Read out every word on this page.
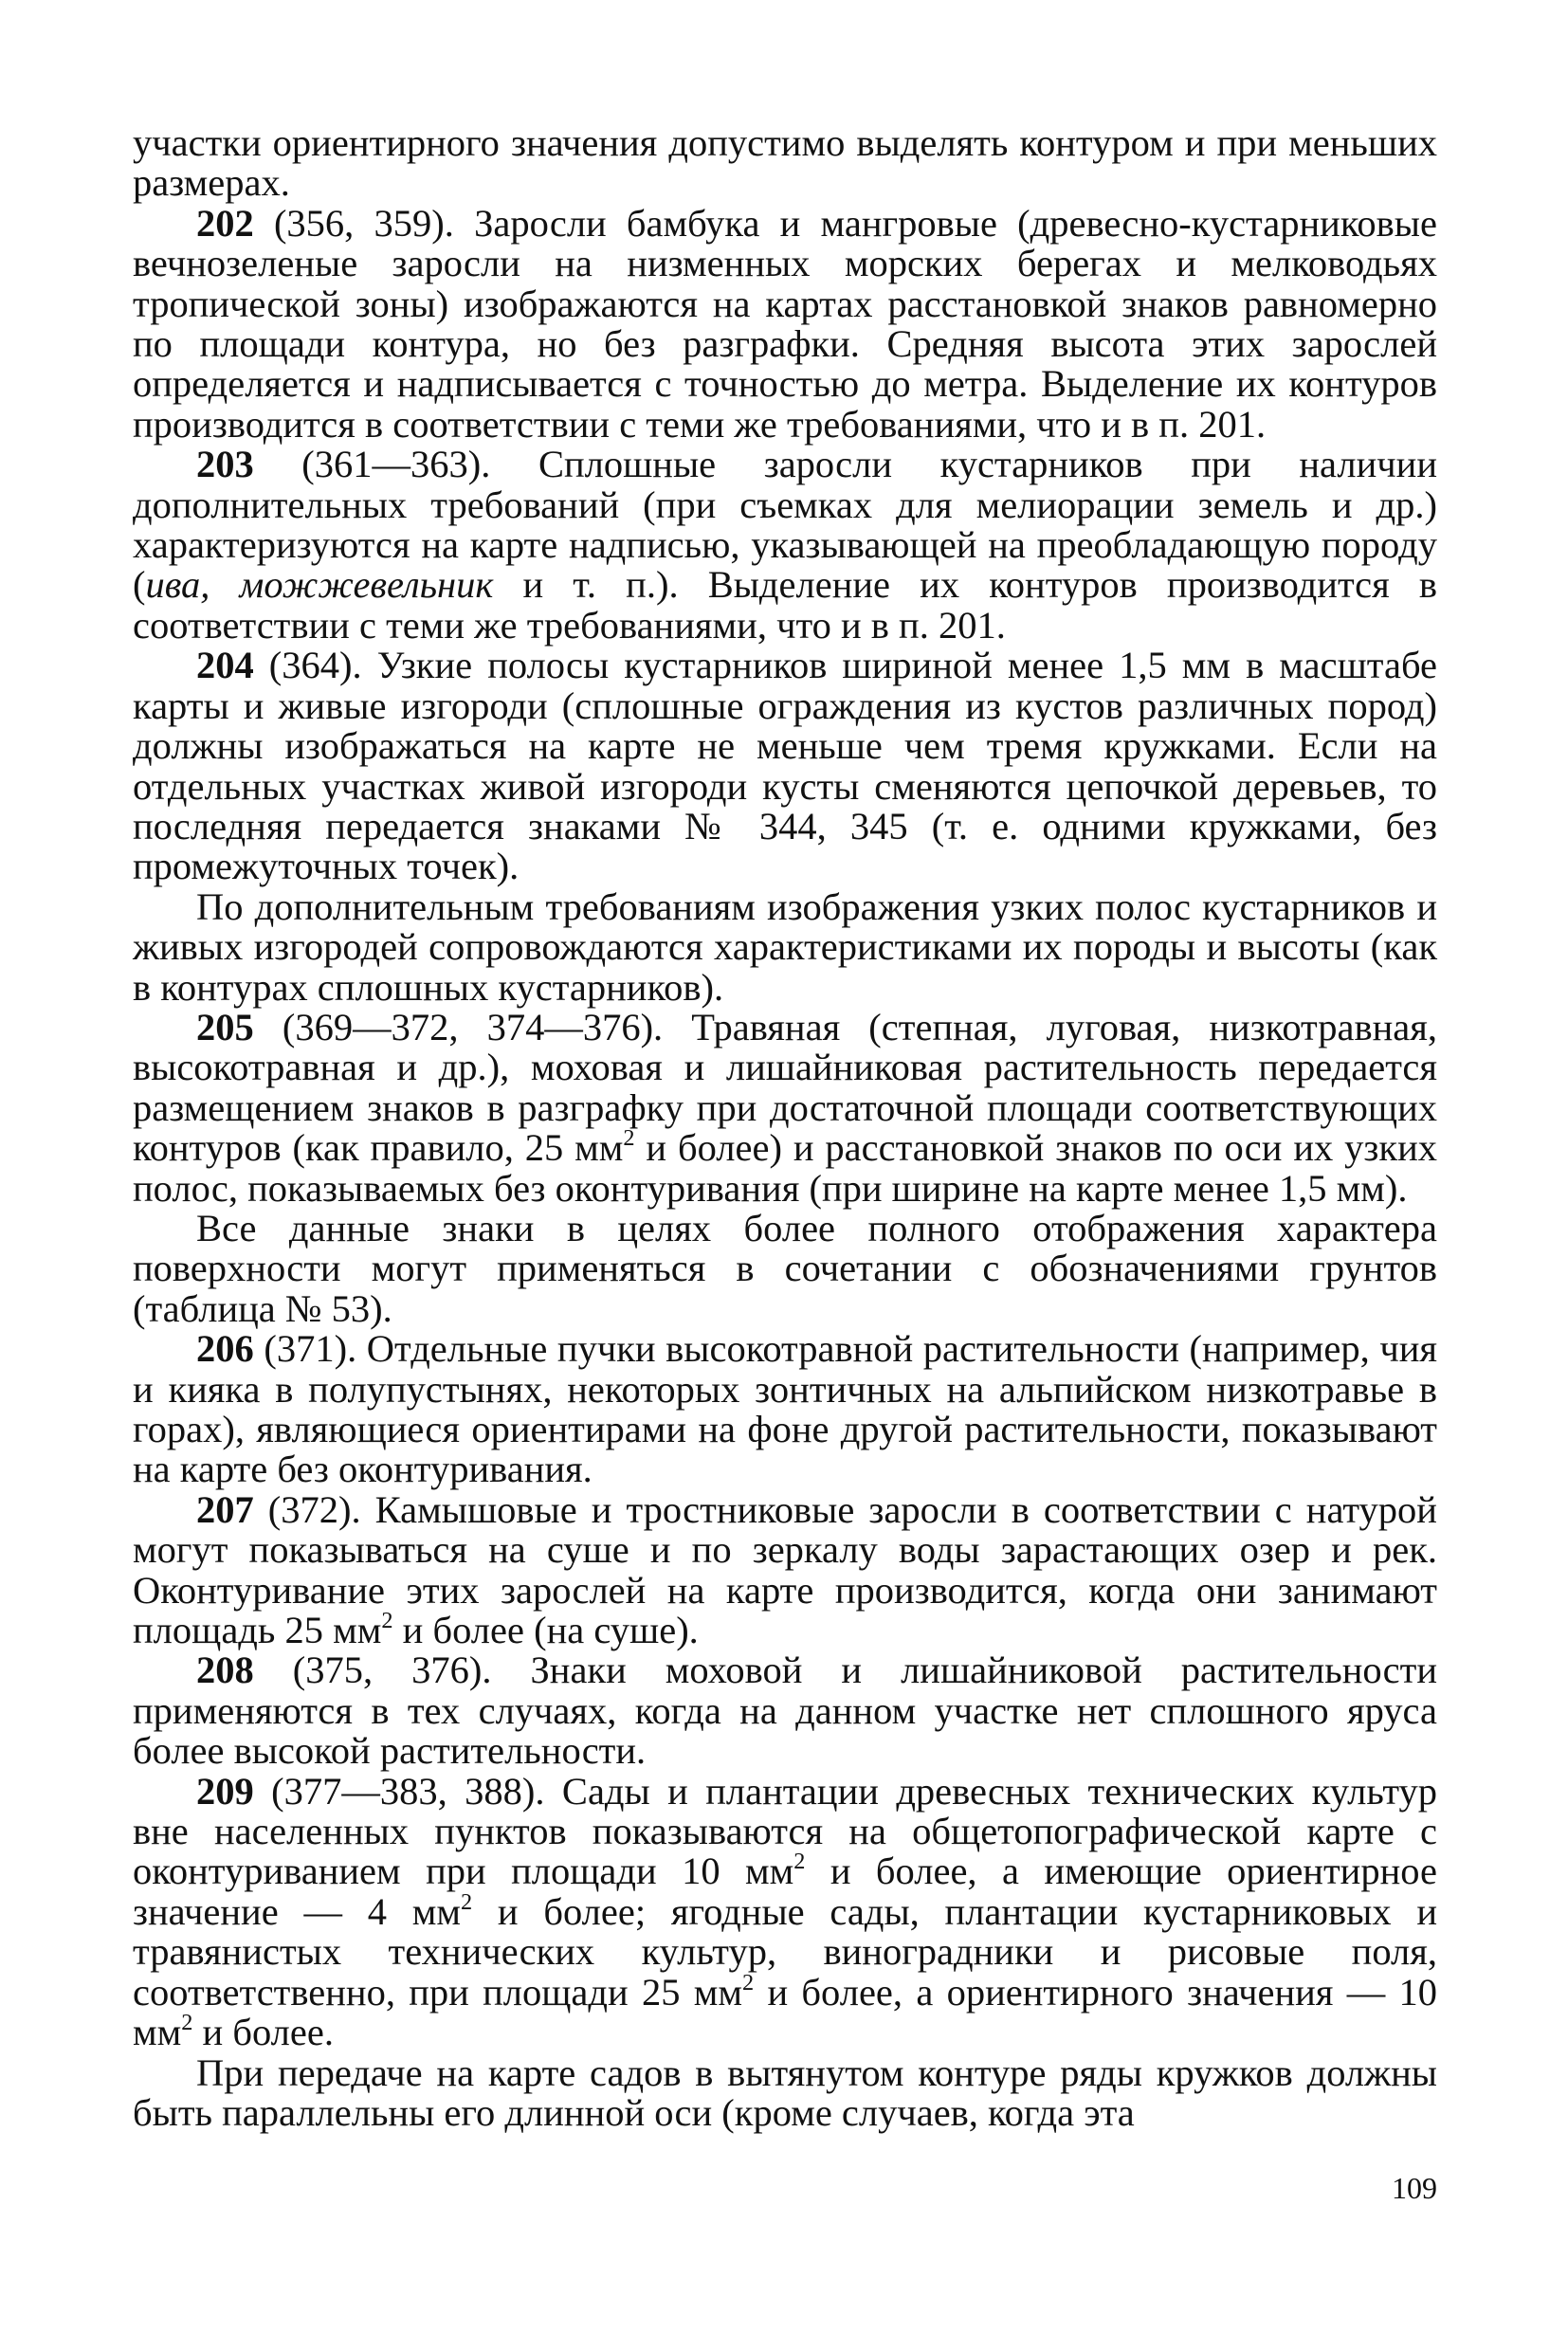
участки ориентирного значения допустимо выделять контуром и при меньших размерах.

202 (356, 359). Заросли бамбука и мангровые (древесно-кустарниковые вечнозеленые заросли на низменных морских берегах и мелководьях тропической зоны) изображаются на картах расстановкой знаков равномерно по площади контура, но без разграфки. Средняя высота этих зарослей определяется и надписывается с точностью до метра. Выделение их контуров производится в соответствии с теми же требованиями, что и в п. 201.

203 (361—363). Сплошные заросли кустарников при наличии дополнительных требований (при съемках для мелиорации земель и др.) характеризуются на карте надписью, указывающей на преобладающую породу (ива, можжевельник и т. п.). Выделение их контуров производится в соответствии с теми же требованиями, что и в п. 201.

204 (364). Узкие полосы кустарников шириной менее 1,5 мм в масштабе карты и живые изгороди (сплошные ограждения из кустов различных пород) должны изображаться на карте не меньше чем тремя кружками. Если на отдельных участках живой изгороди кусты сменяются цепочкой деревьев, то последняя передается знаками № 344, 345 (т. е. одними кружками, без промежуточных точек).

По дополнительным требованиям изображения узких полос кустарников и живых изгородей сопровождаются характеристиками их породы и высоты (как в контурах сплошных кустарников).

205 (369—372, 374—376). Травяная (степная, луговая, низкотравная, высокотравная и др.), моховая и лишайниковая растительность передается размещением знаков в разграфку при достаточной площади соответствующих контуров (как правило, 25 $мм^2$ и более) и расстановкой знаков по оси их узких полос, показываемых без оконтуривания (при ширине на карте менее 1,5 мм).

Все данные знаки в целях более полного отображения характера поверхности могут применяться в сочетании с обозначениями грунтов (таблица № 53).

206 (371). Отдельные пучки высокотравной растительности (например, чия и кияка в полупустынях, некоторых зонтичных на альпийском низкотравье в горах), являющиеся ориентирами на фоне другой растительности, показывают на карте без оконтуривания.

207 (372). Камышовые и тростниковые заросли в соответствии с натурой могут показываться на суше и по зеркалу воды зарастающих озер и рек. Оконтуривание этих зарослей на карте производится, когда они занимают площадь 25 $мм^2$ и более (на суше).

208 (375, 376). Знаки моховой и лишайниковой растительности применяются в тех случаях, когда на данном участке нет сплошного яруса более высокой растительности.

209 (377—383, 388). Сады и плантации древесных технических культур вне населенных пунктов показываются на общетопографической карте с оконтуриванием при площади 10 $мм^2$ и более, а имеющие ориентирное значение — 4 $мм^2$ и более; ягодные сады, плантации кустарниковых и травянистых технических культур, виноградники и рисовые поля, соответственно, при площади 25 $мм^2$ и более, а ориентирного значения — 10 $мм^2$ и более.

При передаче на карте садов в вытянутом контуре ряды кружков должны быть параллельны его длинной оси (кроме случаев, когда эта

109
